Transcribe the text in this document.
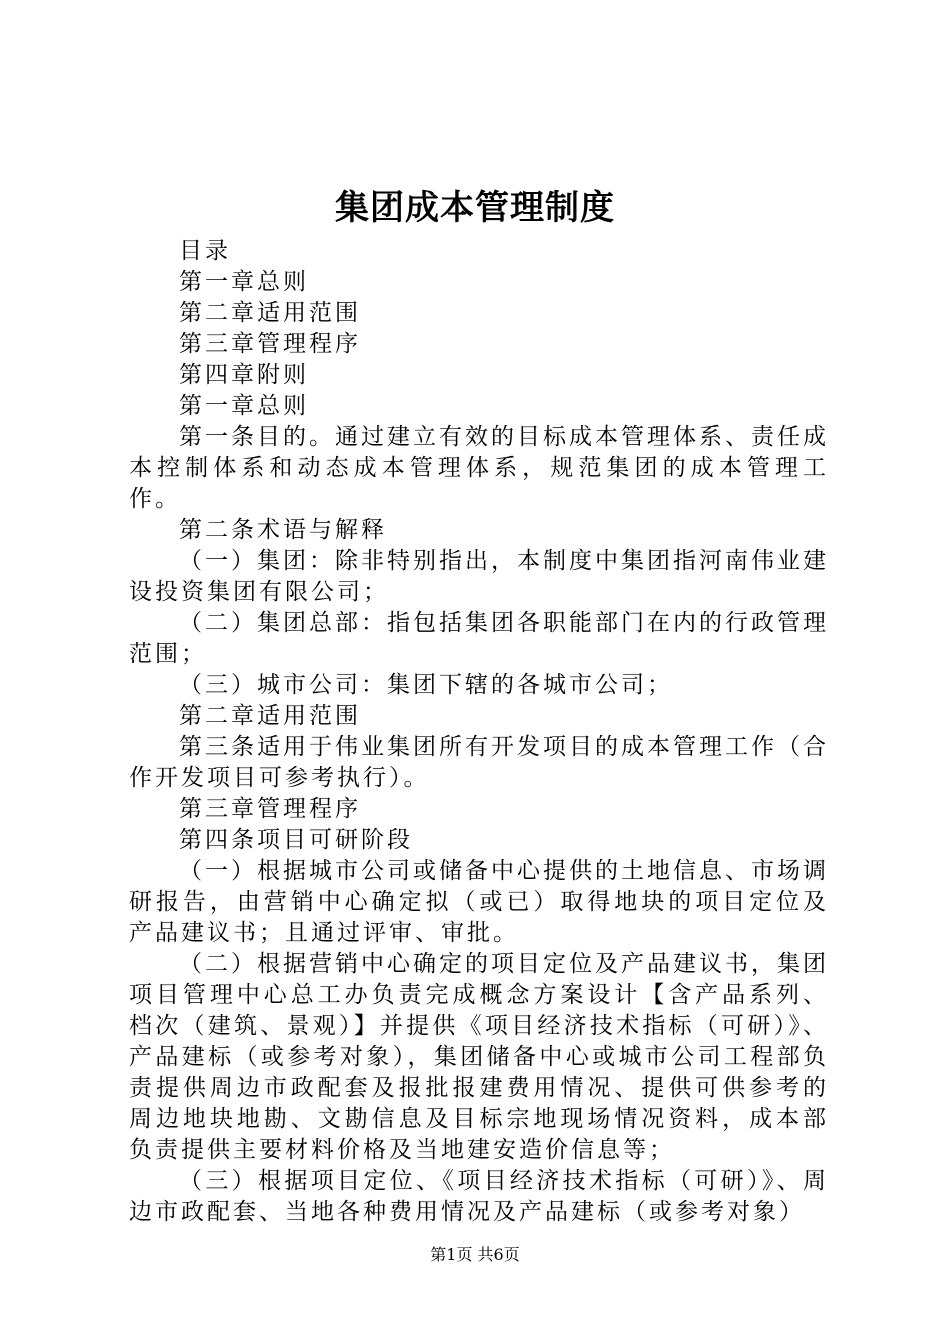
集团成本管理制度

目录

第一章总则

第二章适用范围

第三章管理程序

第四章附则

第一章总则

第一条目的。通过建立有效的目标成本管理体系、责任成本控制体系和动态成本管理体系，规范集团的成本管理工作。

第二条术语与解释

（一）集团：除非特别指出，本制度中集团指河南伟业建设投资集团有限公司；

（二）集团总部：指包括集团各职能部门在内的行政管理范围；

（三）城市公司：集团下辖的各城市公司；

第二章适用范围

第三条适用于伟业集团所有开发项目的成本管理工作（合作开发项目可参考执行）。

第三章管理程序

第四条项目可研阶段

（一）根据城市公司或储备中心提供的土地信息、市场调研报告，由营销中心确定拟（或已）取得地块的项目定位及产品建议书；且通过评审、审批。

（二）根据营销中心确定的项目定位及产品建议书，集团项目管理中心总工办负责完成概念方案设计【含产品系列、档次（建筑、景观）】并提供《项目经济技术指标（可研）》、产品建标（或参考对象），集团储备中心或城市公司工程部负责提供周边市政配套及报批报建费用情况、提供可供参考的周边地块地勘、文勘信息及目标宗地现场情况资料，成本部负责提供主要材料价格及当地建安造价信息等；

（三）根据项目定位、《项目经济技术指标（可研）》、周边市政配套、当地各种费用情况及产品建标（或参考对象）

第1页 共6页
